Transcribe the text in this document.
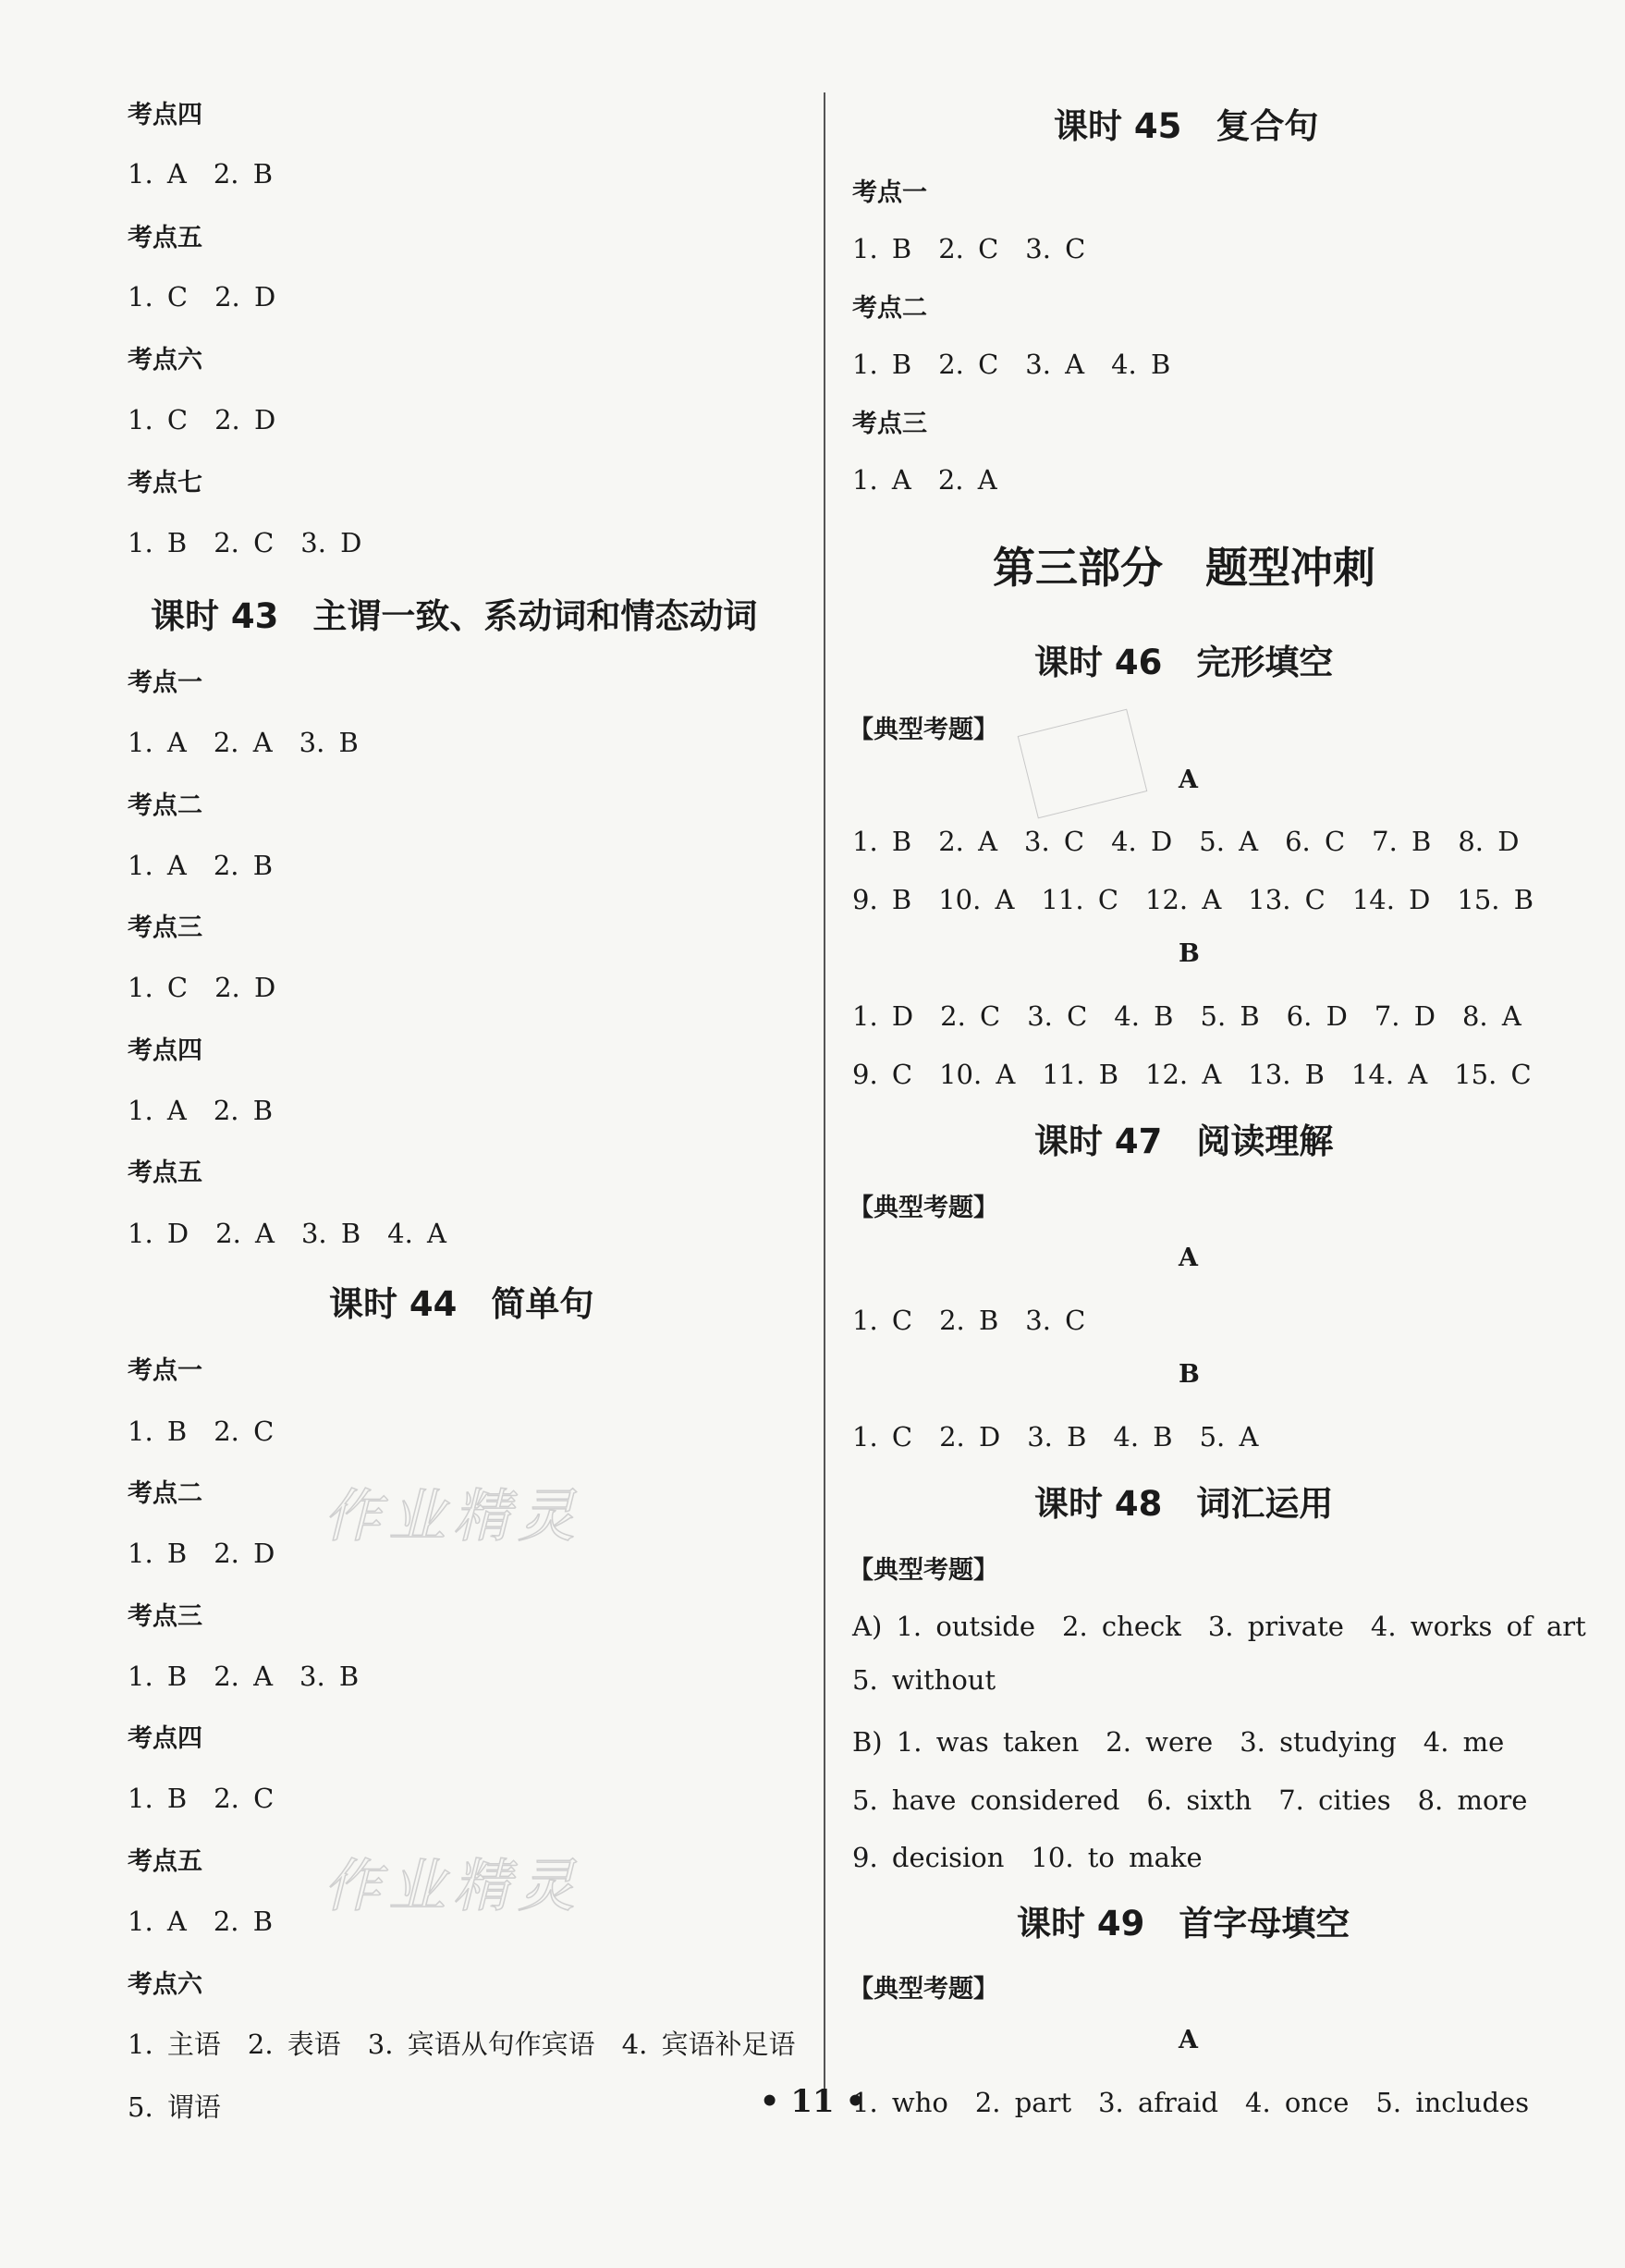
作业精灵
作业精灵
考点四
1. A　2. B
考点五
1. C　2. D
考点六
1. C　2. D
考点七
1. B　2. C　3. D
课时 43　主谓一致、系动词和情态动词
考点一
1. A　2. A　3. B
考点二
1. A　2. B
考点三
1. C　2. D
考点四
1. A　2. B
考点五
1. D　2. A　3. B　4. A
课时 44　简单句
考点一
1. B　2. C
考点二
1. B　2. D
考点三
1. B　2. A　3. B
考点四
1. B　2. C
考点五
1. A　2. B
考点六
1. 主语　2. 表语　3. 宾语从句作宾语　4. 宾语补足语
5. 谓语
课时 45　复合句
考点一
1. B　2. C　3. C
考点二
1. B　2. C　3. A　4. B
考点三
1. A　2. A
第三部分　题型冲刺
课时 46　完形填空
【典型考题】
A
1. B　2. A　3. C　4. D　5. A　6. C　7. B　8. D
9. B　10. A　11. C　12. A　13. C　14. D　15. B
B
1. D　2. C　3. C　4. B　5. B　6. D　7. D　8. A
9. C　10. A　11. B　12. A　13. B　14. A　15. C
课时 47　阅读理解
【典型考题】
A
1. C　2. B　3. C
B
1. C　2. D　3. B　4. B　5. A
课时 48　词汇运用
【典型考题】
A) 1. outside　2. check　3. private　4. works of art
5. without
B) 1. was taken　2. were　3. studying　4. me
5. have considered　6. sixth　7. cities　8. more
9. decision　10. to make
课时 49　首字母填空
【典型考题】
A
1. who　2. part　3. afraid　4. once　5. includes
• 11 •
